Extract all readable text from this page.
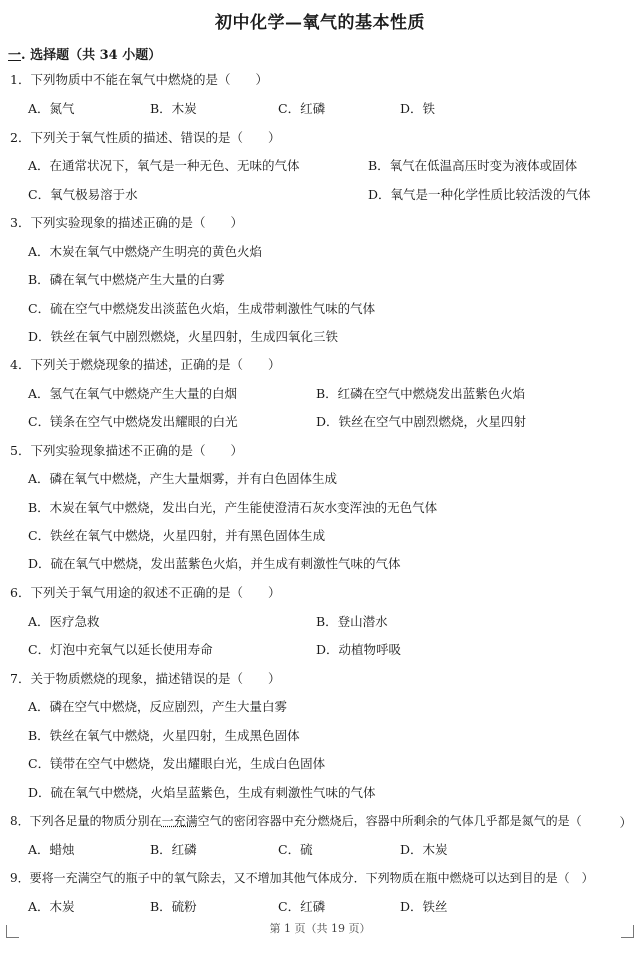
初中化学—氧气的基本性质
一. 选择题（共 34 小题）
1．下列物质中不能在氧气中燃烧的是（　　）
A．氮气	B．木炭	C．红磷	D．铁
2．下列关于氧气性质的描述、错误的是（　　）
A．在通常状况下，氧气是一种无色、无味的气体	B．氧气在低温高压时变为液体或固体
C．氧气极易溶于水	D．氧气是一种化学性质比较活泼的气体
3．下列实验现象的描述正确的是（　　）
A．木炭在氧气中燃烧产生明亮的黄色火焰
B．磷在氧气中燃烧产生大量的白雾
C．硫在空气中燃烧发出淡蓝色火焰，生成带刺激性气味的气体
D．铁丝在氧气中剧烈燃烧，火星四射，生成四氧化三铁
4．下列关于燃烧现象的描述，正确的是（　　）
A．氢气在氧气中燃烧产生大量的白烟	B．红磷在空气中燃烧发出蓝紫色火焰
C．镁条在空气中燃烧发出耀眼的白光	D．铁丝在空气中剧烈燃烧，火星四射
5．下列实验现象描述不正确的是（　　）
A．磷在氧气中燃烧，产生大量烟雾，并有白色固体生成
B．木炭在氧气中燃烧，发出白光，产生能使澄清石灰水变浑浊的无色气体
C．铁丝在氧气中燃烧，火星四射，并有黑色固体生成
D．硫在氧气中燃烧，发出蓝紫色火焰，并生成有刺激性气味的气体
6．下列关于氧气用途的叙述不正确的是（　　）
A．医疗急救	B．登山潜水
C．灯泡中充氧气以延长使用寿命	D．动植物呼吸
7．关于物质燃烧的现象，描述错误的是（　　）
A．磷在空气中燃烧，反应剧烈，产生大量白雾
B．铁丝在氧气中燃烧，火星四射，生成黑色固体
C．镁带在空气中燃烧，发出耀眼白光，生成白色固体
D．硫在氧气中燃烧，火焰呈蓝紫色，生成有刺激性气味的气体
8．下列各足量的物质分别在一充满空气的密闭容器中充分燃烧后，容器中所剩余的气体几乎都是氮气的是（	）
A．蜡烛	B．红磷	C．硫	D．木炭
9．要将一充满空气的瓶子中的氧气除去，又不增加其他气体成分．下列物质在瓶中燃烧可以达到目的是（　）
A．木炭	B．硫粉	C．红磷	D．铁丝
第 1 页（共 19 页）
